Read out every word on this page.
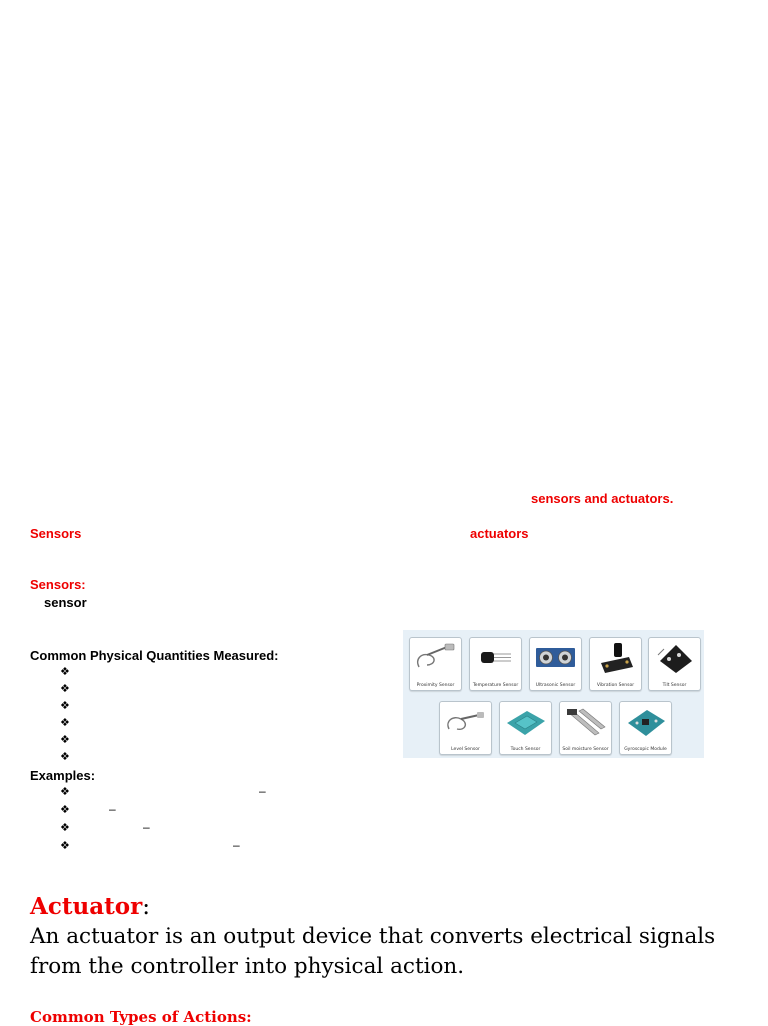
sensors and actuators.
Sensors	actuators
Sensors:
sensor
Common Physical Quantities Measured:
❖
❖
❖
❖
❖
❖
Examples:
❖	–
❖	–
❖	–
❖	–
Proximity Sensor	Temperature Sensor	Ultrasonic Sensor	Vibration Sensor	Tilt Sensor
Level Sensor	Touch Sensor	Soil moisture Sensor	Gyroscopic Module
Actuator:
An actuator is an output device that converts electrical signals
from the controller into physical action.
Common Types of Actions:
